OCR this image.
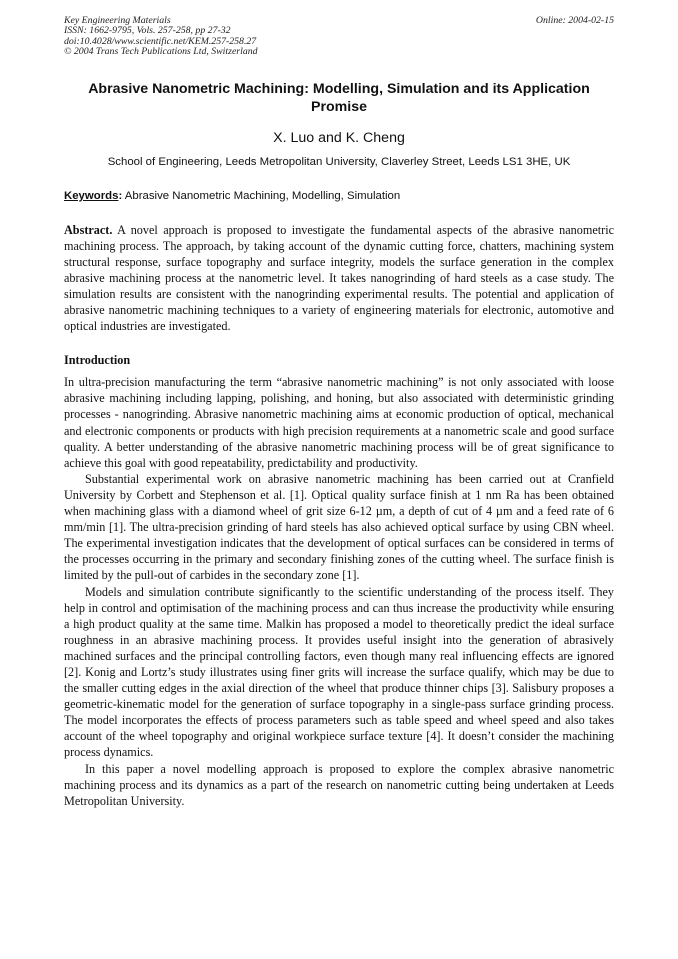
Key Engineering Materials
ISSN: 1662-9795, Vols. 257-258, pp 27-32
doi:10.4028/www.scientific.net/KEM.257-258.27
© 2004 Trans Tech Publications Ltd, Switzerland
Online: 2004-02-15
Abrasive Nanometric Machining: Modelling, Simulation and its Application Promise
X. Luo and K. Cheng
School of Engineering, Leeds Metropolitan University, Claverley Street, Leeds LS1 3HE, UK
Keywords: Abrasive Nanometric Machining, Modelling, Simulation
Abstract. A novel approach is proposed to investigate the fundamental aspects of the abrasive nanometric machining process. The approach, by taking account of the dynamic cutting force, chatters, machining system structural response, surface topography and surface integrity, models the surface generation in the complex abrasive machining process at the nanometric level. It takes nanogrinding of hard steels as a case study. The simulation results are consistent with the nanogrinding experimental results. The potential and application of abrasive nanometric machining techniques to a variety of engineering materials for electronic, automotive and optical industries are investigated.
Introduction

In ultra-precision manufacturing the term “abrasive nanometric machining” is not only associated with loose abrasive machining including lapping, polishing, and honing, but also associated with deterministic grinding processes - nanogrinding. Abrasive nanometric machining aims at economic production of optical, mechanical and electronic components or products with high precision requirements at a nanometric scale and good surface quality. A better understanding of the abrasive nanometric machining process will be of great significance to achieve this goal with good repeatability, predictability and productivity.

Substantial experimental work on abrasive nanometric machining has been carried out at Cranfield University by Corbett and Stephenson et al. [1]. Optical quality surface finish at 1 nm Ra has been obtained when machining glass with a diamond wheel of grit size 6-12 µm, a depth of cut of 4 µm and a feed rate of 6 mm/min [1]. The ultra-precision grinding of hard steels has also achieved optical surface by using CBN wheel. The experimental investigation indicates that the development of optical surfaces can be considered in terms of the processes occurring in the primary and secondary finishing zones of the cutting wheel. The surface finish is limited by the pull-out of carbides in the secondary zone [1].

Models and simulation contribute significantly to the scientific understanding of the process itself. They help in control and optimisation of the machining process and can thus increase the productivity while ensuring a high product quality at the same time. Malkin has proposed a model to theoretically predict the ideal surface roughness in an abrasive machining process. It provides useful insight into the generation of abrasively machined surfaces and the principal controlling factors, even though many real influencing effects are ignored [2]. Konig and Lortz’s study illustrates using finer grits will increase the surface qualify, which may be due to the smaller cutting edges in the axial direction of the wheel that produce thinner chips [3]. Salisbury proposes a geometric-kinematic model for the generation of surface topography in a single-pass surface grinding process. The model incorporates the effects of process parameters such as table speed and wheel speed and also takes account of the wheel topography and original workpiece surface texture [4]. It doesn’t consider the machining process dynamics.

In this paper a novel modelling approach is proposed to explore the complex abrasive nanometric machining process and its dynamics as a part of the research on nanometric cutting being undertaken at Leeds Metropolitan University.
